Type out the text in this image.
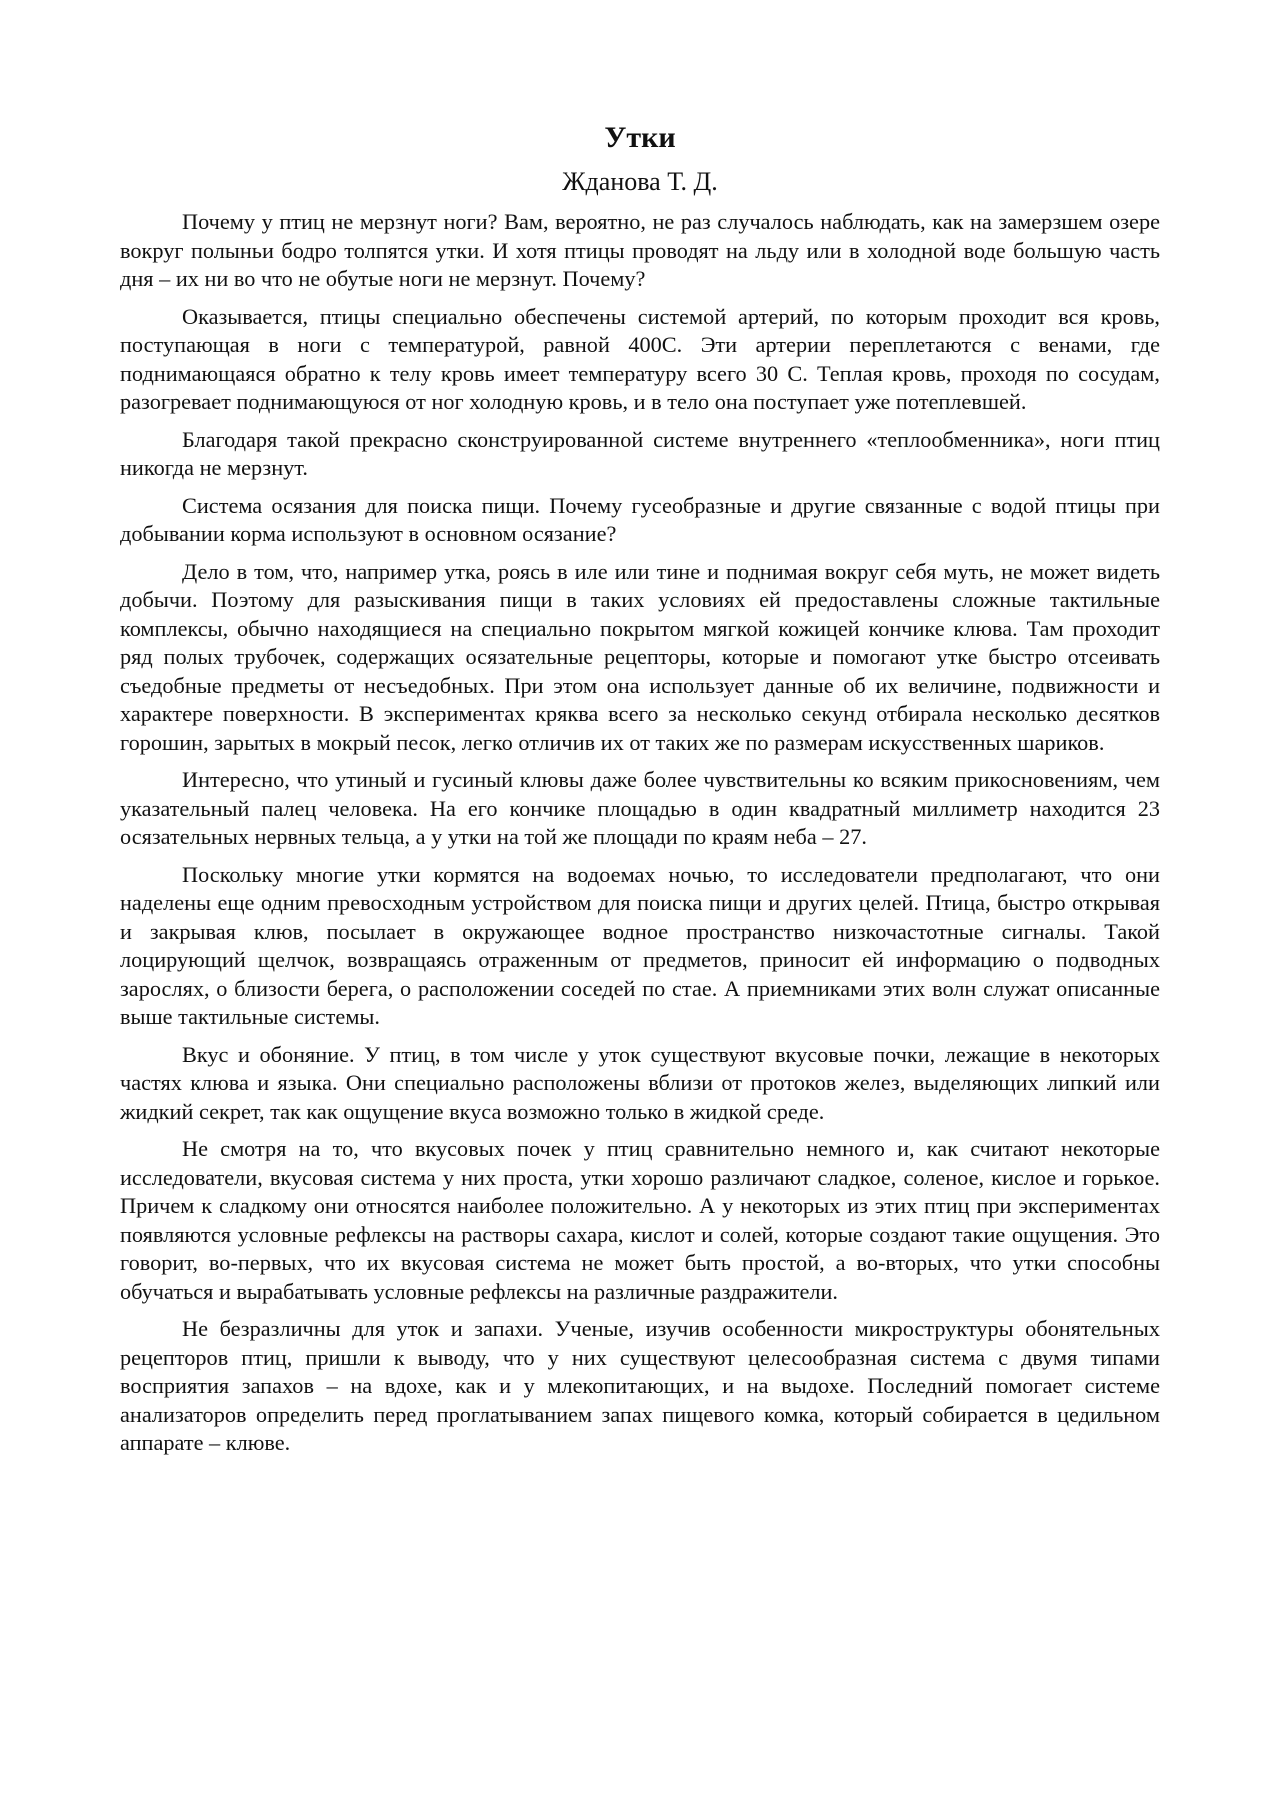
Утки
Жданова Т. Д.

Почему у птиц не мерзнут ноги? Вам, вероятно, не раз случалось наблюдать, как на замерзшем озере вокруг полыньи бодро толпятся утки. И хотя птицы проводят на льду или в холодной воде большую часть дня – их ни во что не обутые ноги не мерзнут. Почему?

Оказывается, птицы специально обеспечены системой артерий, по которым проходит вся кровь, поступающая в ноги с температурой, равной 400С. Эти артерии переплетаются с венами, где поднимающаяся обратно к телу кровь имеет температуру всего 30 С. Теплая кровь, проходя по сосудам, разогревает поднимающуюся от ног холодную кровь, и в тело она поступает уже потеплевшей.

Благодаря такой прекрасно сконструированной системе внутреннего «теплообменника», ноги птиц никогда не мерзнут.

Система осязания для поиска пищи. Почему гусеобразные и другие связанные с водой птицы при добывании корма используют в основном осязание?

Дело в том, что, например утка, роясь в иле или тине и поднимая вокруг себя муть, не может видеть добычи. Поэтому для разыскивания пищи в таких условиях ей предоставлены сложные тактильные комплексы, обычно находящиеся на специально покрытом мягкой кожицей кончике клюва. Там проходит ряд полых трубочек, содержащих осязательные рецепторы, которые и помогают утке быстро отсеивать съедобные предметы от несъедобных. При этом она использует данные об их величине, подвижности и характере поверхности. В экспериментах кряква всего за несколько секунд отбирала несколько десятков горошин, зарытых в мокрый песок, легко отличив их от таких же по размерам искусственных шариков.

Интересно, что утиный и гусиный клювы даже более чувствительны ко всяким прикосновениям, чем указательный палец человека. На его кончике площадью в один квадратный миллиметр находится 23 осязательных нервных тельца, а у утки на той же площади по краям неба – 27.

Поскольку многие утки кормятся на водоемах ночью, то исследователи предполагают, что они наделены еще одним превосходным устройством для поиска пищи и других целей. Птица, быстро открывая и закрывая клюв, посылает в окружающее водное пространство низкочастотные сигналы. Такой лоцирующий щелчок, возвращаясь отраженным от предметов, приносит ей информацию о подводных зарослях, о близости берега, о расположении соседей по стае. А приемниками этих волн служат описанные выше тактильные системы.

Вкус и обоняние. У птиц, в том числе у уток существуют вкусовые почки, лежащие в некоторых частях клюва и языка. Они специально расположены вблизи от протоков желез, выделяющих липкий или жидкий секрет, так как ощущение вкуса возможно только в жидкой среде.

Не смотря на то, что вкусовых почек у птиц сравнительно немного и, как считают некоторые исследователи, вкусовая система у них проста, утки хорошо различают сладкое, соленое, кислое и горькое. Причем к сладкому они относятся наиболее положительно. А у некоторых из этих птиц при экспериментах появляются условные рефлексы на растворы сахара, кислот и солей, которые создают такие ощущения. Это говорит, во-первых, что их вкусовая система не может быть простой, а во-вторых, что утки способны обучаться и вырабатывать условные рефлексы на различные раздражители.

Не безразличны для уток и запахи. Ученые, изучив особенности микроструктуры обонятельных рецепторов птиц, пришли к выводу, что у них существуют целесообразная система с двумя типами восприятия запахов – на вдохе, как и у млекопитающих, и на выдохе. Последний помогает системе анализаторов определить перед проглатыванием запах пищевого комка, который собирается в цедильном аппарате – клюве.
